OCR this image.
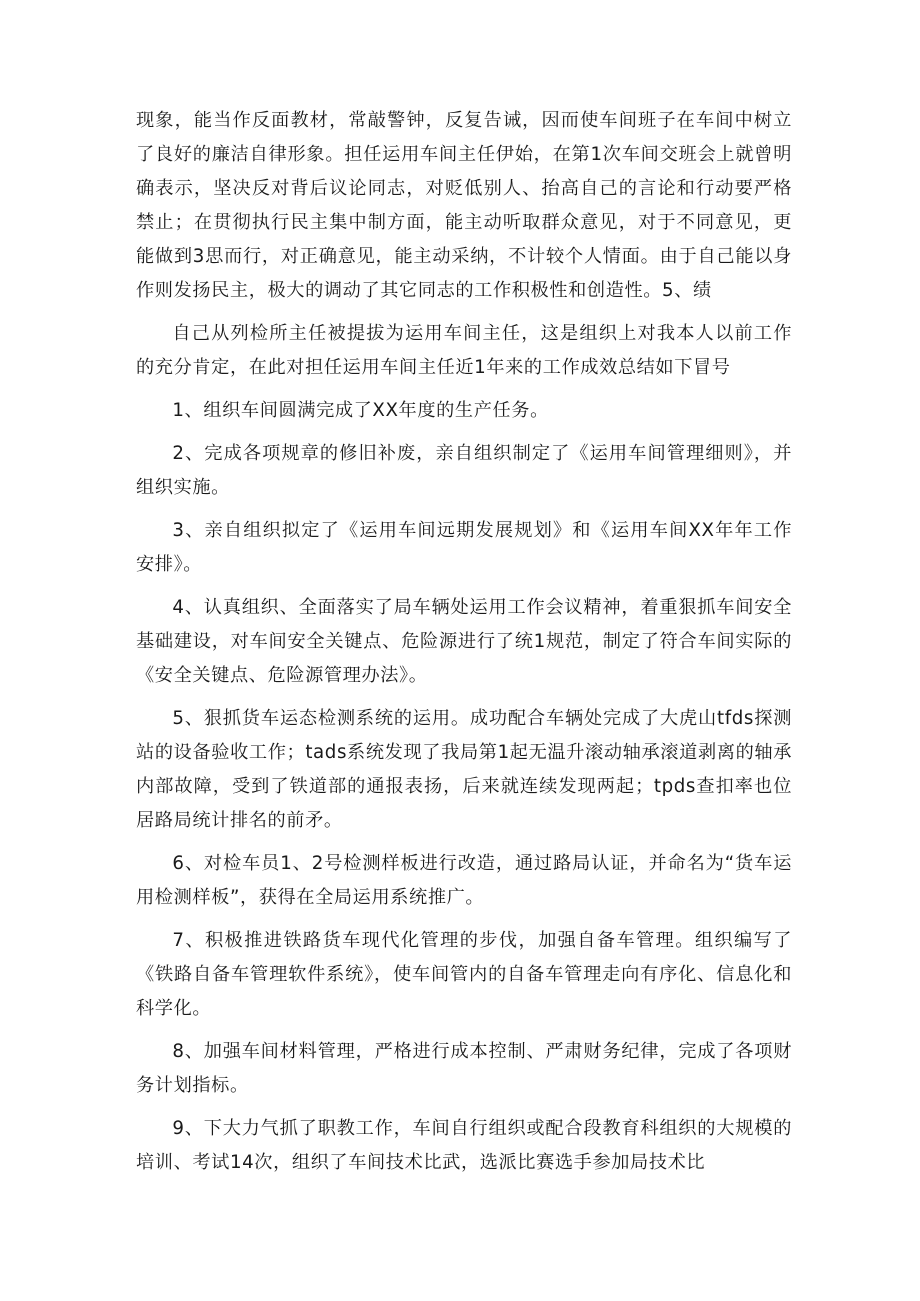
现象，能当作反面教材，常敲警钟，反复告诫，因而使车间班子在车间中树立了良好的廉洁自律形象。担任运用车间主任伊始，在第1次车间交班会上就曾明确表示，坚决反对背后议论同志，对贬低别人、抬高自己的言论和行动要严格禁止；在贯彻执行民主集中制方面，能主动听取群众意见，对于不同意见，更能做到3思而行，对正确意见，能主动采纳，不计较个人情面。由于自己能以身作则发扬民主，极大的调动了其它同志的工作积极性和创造性。5、绩

自己从列检所主任被提拔为运用车间主任，这是组织上对我本人以前工作的充分肯定，在此对担任运用车间主任近1年来的工作成效总结如下冒号

1、组织车间圆满完成了XX年度的生产任务。

2、完成各项规章的修旧补废，亲自组织制定了《运用车间管理细则》，并组织实施。

3、亲自组织拟定了《运用车间远期发展规划》和《运用车间XX年年工作安排》。

4、认真组织、全面落实了局车辆处运用工作会议精神，着重狠抓车间安全基础建设，对车间安全关键点、危险源进行了统1规范，制定了符合车间实际的《安全关键点、危险源管理办法》。

5、狠抓货车运态检测系统的运用。成功配合车辆处完成了大虎山tfds探测站的设备验收工作；tads系统发现了我局第1起无温升滚动轴承滚道剥离的轴承内部故障，受到了铁道部的通报表扬，后来就连续发现两起；tpds查扣率也位居路局统计排名的前矛。

6、对检车员1、2号检测样板进行改造，通过路局认证，并命名为“货车运用检测样板”，获得在全局运用系统推广。

7、积极推进铁路货车现代化管理的步伐，加强自备车管理。组织编写了《铁路自备车管理软件系统》，使车间管内的自备车管理走向有序化、信息化和科学化。

8、加强车间材料管理，严格进行成本控制、严肃财务纪律，完成了各项财务计划指标。

9、下大力气抓了职教工作，车间自行组织或配合段教育科组织的大规模的培训、考试14次，组织了车间技术比武，选派比赛选手参加局技术比
